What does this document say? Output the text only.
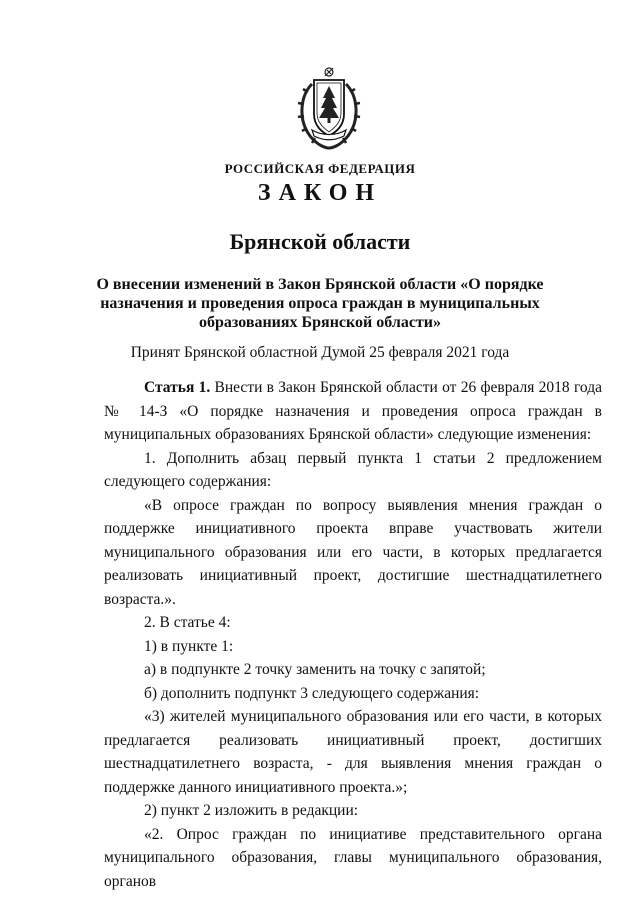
РОССИЙСКАЯ ФЕДЕРАЦИЯ
ЗАКОН
Брянской области
О внесении изменений в Закон Брянской области «О порядке назначения и проведения опроса граждан в муниципальных образованиях Брянской области»
Принят Брянской областной Думой 25 февраля 2021 года

Статья 1. Внести в Закон Брянской области от 26 февраля 2018 года № 14-З «О порядке назначения и проведения опроса граждан в муниципальных образованиях Брянской области» следующие изменения:

1. Дополнить абзац первый пункта 1 статьи 2 предложением следующего содержания:

«В опросе граждан по вопросу выявления мнения граждан о поддержке инициативного проекта вправе участвовать жители муниципального образования или его части, в которых предлагается реализовать инициативный проект, достигшие шестнадцатилетнего возраста.».

2. В статье 4:

1) в пункте 1:

а) в подпункте 2 точку заменить на точку с запятой;

б) дополнить подпункт 3 следующего содержания:

«3) жителей муниципального образования или его части, в которых предлагается реализовать инициативный проект, достигших шестнадцатилетнего возраста, - для выявления мнения граждан о поддержке данного инициативного проекта.»;

2) пункт 2 изложить в редакции:

«2. Опрос граждан по инициативе представительного органа муниципального образования, главы муниципального образования, органов
